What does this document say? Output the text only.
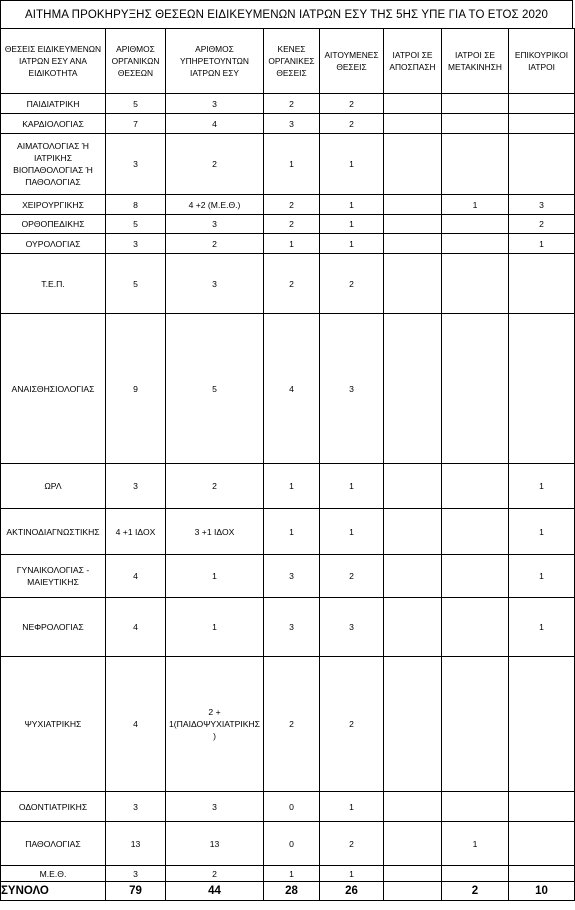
ΑΙΤΗΜΑ ΠΡΟΚΗΡΥΞΗΣ ΘΕΣΕΩΝ ΕΙΔΙΚΕΥΜΕΝΩΝ ΙΑΤΡΩΝ ΕΣΥ ΤΗΣ 5ΗΣ ΥΠΕ ΓΙΑ ΤΟ ΕΤΟΣ 2020
ΘΕΣΕΙΣ ΕΙΔΙΚΕΥΜΕΝΩΝ ΙΑΤΡΩΝ ΕΣΥ ΑΝΑ ΕΙΔΙΚΟΤΗΤΑ	ΑΡΙΘΜΟΣ ΟΡΓΑΝΙΚΩΝ ΘΕΣΕΩΝ	ΑΡΙΘΜΟΣ ΥΠΗΡΕΤΟΥΝΤΩΝ ΙΑΤΡΩΝ ΕΣΥ	ΚΕΝΕΣ ΟΡΓΑΝΙΚΕΣ ΘΕΣΕΙΣ	ΑΙΤΟΥΜΕΝΕΣ ΘΕΣΕΙΣ	ΙΑΤΡΟΙ ΣΕ ΑΠΟΣΠΑΣΗ	ΙΑΤΡΟΙ ΣΕ ΜΕΤΑΚΙΝΗΣΗ	ΕΠΙΚΟΥΡΙΚΟΙ ΙΑΤΡΟΙ
ΠΑΙΔΙΑΤΡΙΚΗ	5	3	2	2			
ΚΑΡΔΙΟΛΟΓΙΑΣ	7	4	3	2			
ΑΙΜΑΤΟΛΟΓΙΑΣ Ή ΙΑΤΡΙΚΗΣ ΒΙΟΠΑΘΟΛΟΓΙΑΣ Ή ΠΑΘΟΛΟΓΙΑΣ	3	2	1	1			
ΧΕΙΡΟΥΡΓΙΚΗΣ	8	4 +2 (Μ.Ε.Θ.)	2	1		1	3
ΟΡΘΟΠΕΔΙΚΗΣ	5	3	2	1			2
ΟΥΡΟΛΟΓΙΑΣ	3	2	1	1			1
Τ.Ε.Π.	5	3	2	2			
ΑΝΑΙΣΘΗΣΙΟΛΟΓΙΑΣ	9	5	4	3			
ΩΡΛ	3	2	1	1			1
ΑΚΤΙΝΟΔΙΑΓΝΩΣΤΙΚΗΣ	4 +1 ΙΔΟΧ	3 +1 ΙΔΟΧ	1	1			1
ΓΥΝΑΙΚΟΛΟΓΙΑΣ - ΜΑΙΕΥΤΙΚΗΣ	4	1	3	2			1
ΝΕΦΡΟΛΟΓΙΑΣ	4	1	3	3			1
ΨΥΧΙΑΤΡΙΚΗΣ	4	2 + 1(ΠΑΙΔΟΨΥΧΙΑΤΡΙΚΗΣ)	2	2			
ΟΔΟΝΤΙΑΤΡΙΚΗΣ	3	3	0	1			
ΠΑΘΟΛΟΓΙΑΣ	13	13	0	2		1	
Μ.Ε.Θ.	3	2	1	1			
ΣΥΝΟΛΟ	79	44	28	26		2	10
